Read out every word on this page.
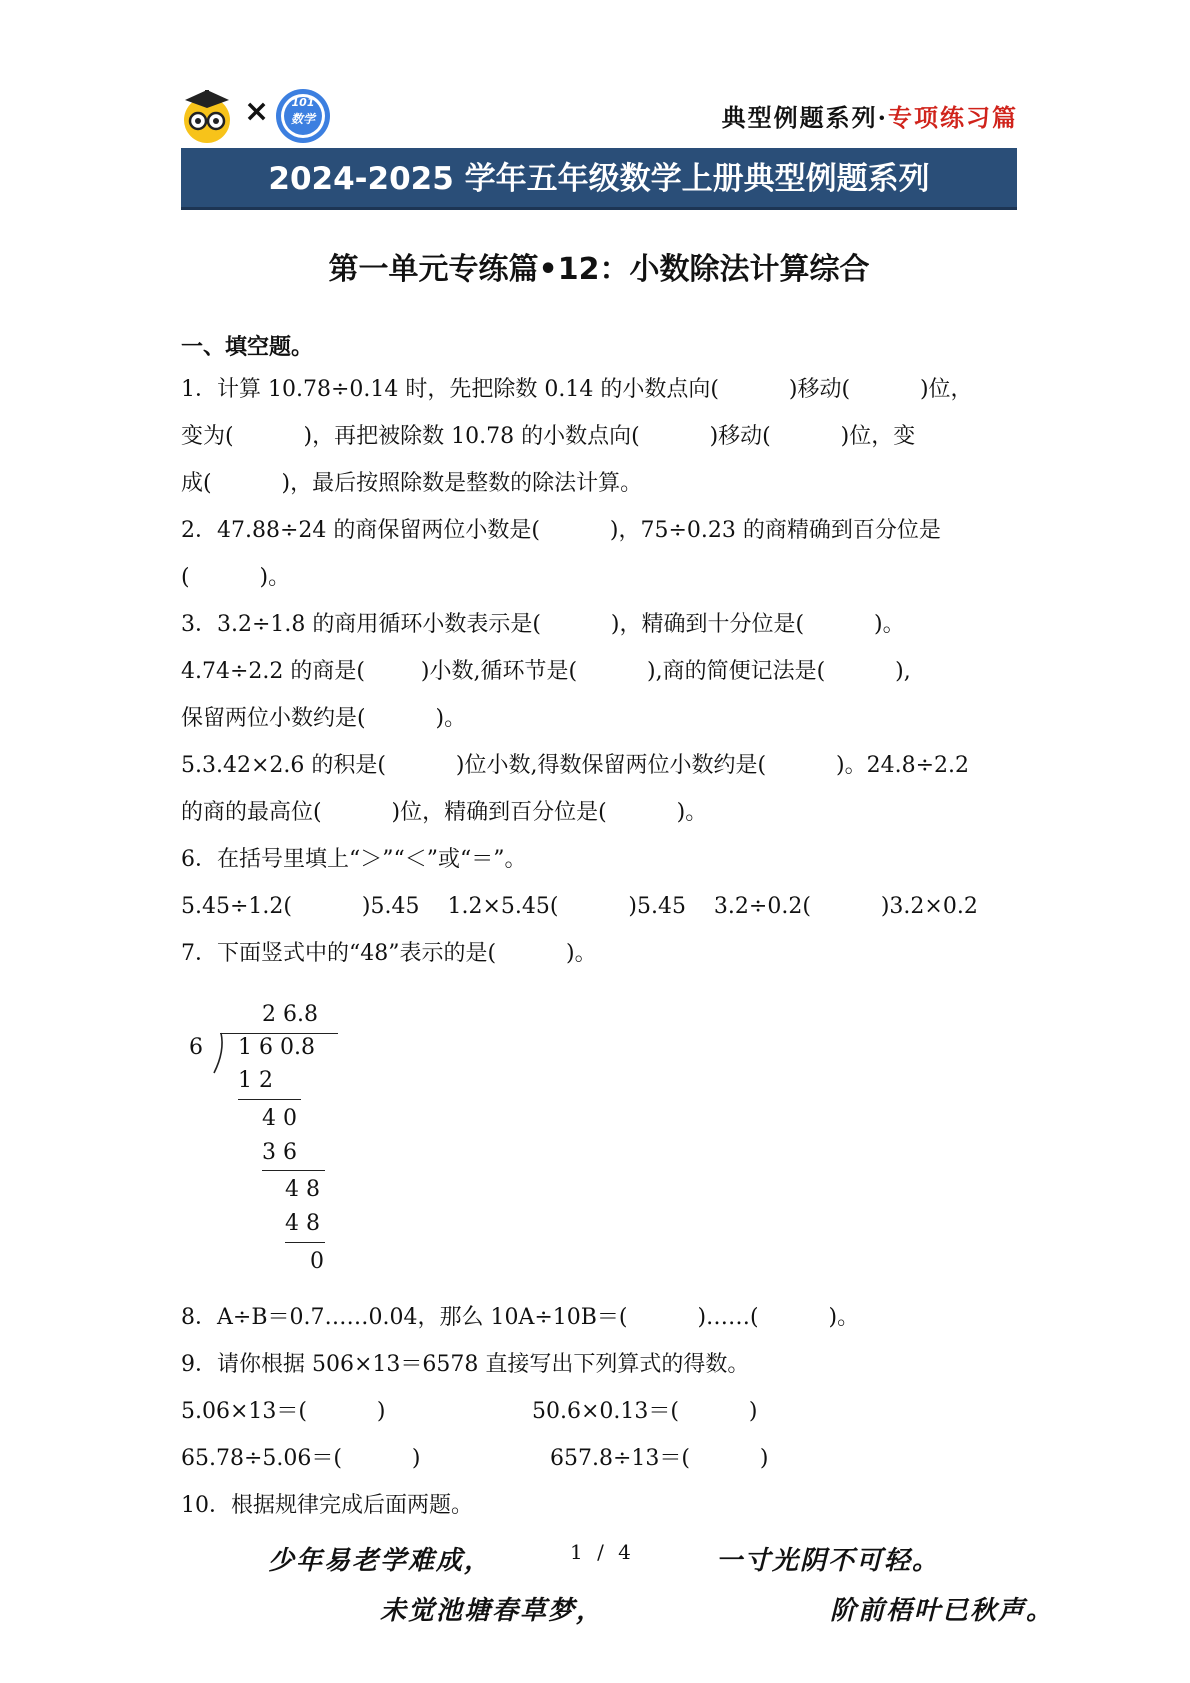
× 101
数学	典型例题系列·专项练习篇
2024-2025 学年五年级数学上册典型例题系列
第一单元专练篇•12：小数除法计算综合
一、填空题。
1．计算 10.78÷0.14 时，先把除数 0.14 的小数点向(          )移动(          )位，
变为(          )，再把被除数 10.78 的小数点向(          )移动(          )位，变
成(          )，最后按照除数是整数的除法计算。
2．47.88÷24 的商保留两位小数是(          )，75÷0.23 的商精确到百分位是
(          )。
3．3.2÷1.8 的商用循环小数表示是(          )，精确到十分位是(          )。
4.74÷2.2 的商是(        )小数,循环节是(          ),商的简便记法是(          ),
保留两位小数约是(          )。
5.3.42×2.6 的积是(          )位小数,得数保留两位小数约是(          )。24.8÷2.2
的商的最高位(          )位，精确到百分位是(          )。
6．在括号里填上“＞”“＜”或“＝”。
5.45÷1.2(          )5.45    1.2×5.45(          )5.45    3.2÷0.2(          )3.2×0.2
7．下面竖式中的“48”表示的是(          )。
2 6.8
6 1 6 0.8
1 2
4 0
3 6
4 8
4 8
0
8．A÷B＝0.7……0.04，那么 10A÷10B＝(          )……(          )。
9．请你根据 506×13＝6578 直接写出下列算式的得数。
5.06×13＝(          )	50.6×0.13＝(          )
65.78÷5.06＝(          )	657.8÷13＝(          )
10．根据规律完成后面两题。
少年易老学难成，	1 / 4	一寸光阴不可轻。
未觉池塘春草梦，	阶前梧叶已秋声。
